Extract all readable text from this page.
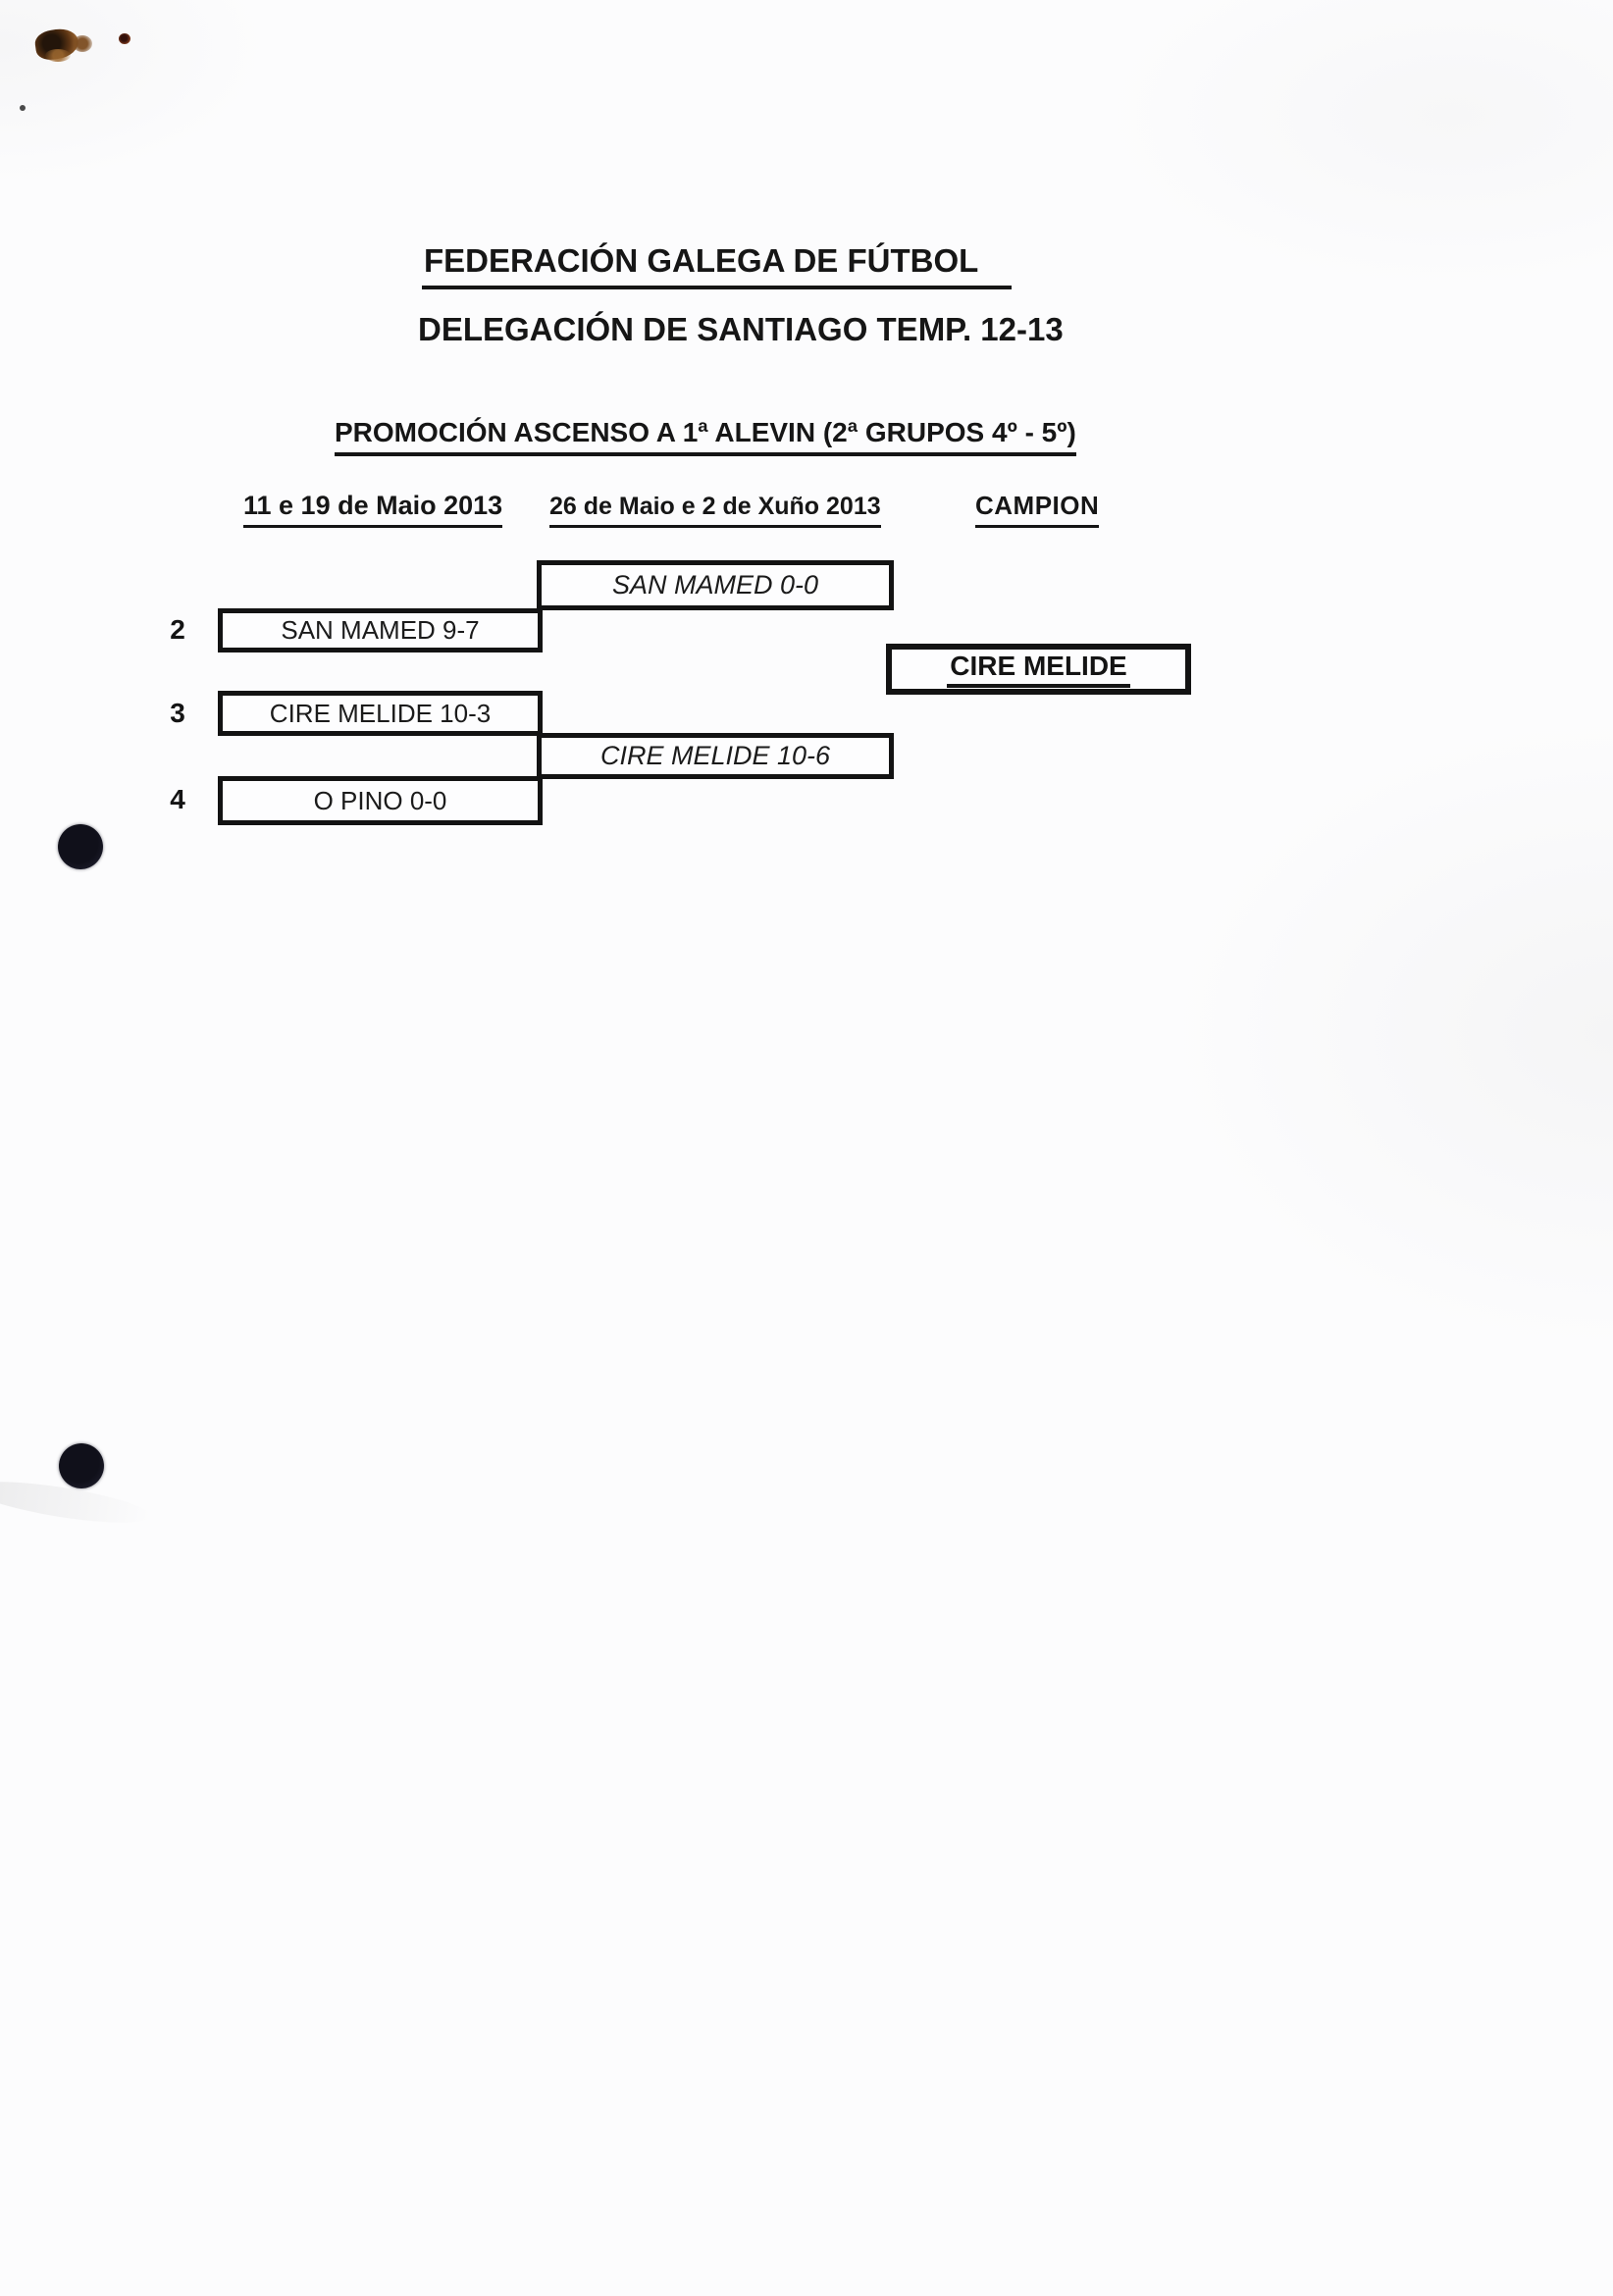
FEDERACIÓN GALEGA DE FÚTBOL
DELEGACIÓN DE SANTIAGO TEMP. 12-13
PROMOCIÓN ASCENSO A 1ª ALEVIN (2ª GRUPOS 4º - 5º)
11 e 19 de Maio 2013 26 de Maio e 2 de Xuño 2013	CAMPION
SAN MAMED 0-0
2	SAN MAMED 9-7
CIRE MELIDE
3	CIRE MELIDE 10-3
CIRE MELIDE 10-6
4	O PINO 0-0
